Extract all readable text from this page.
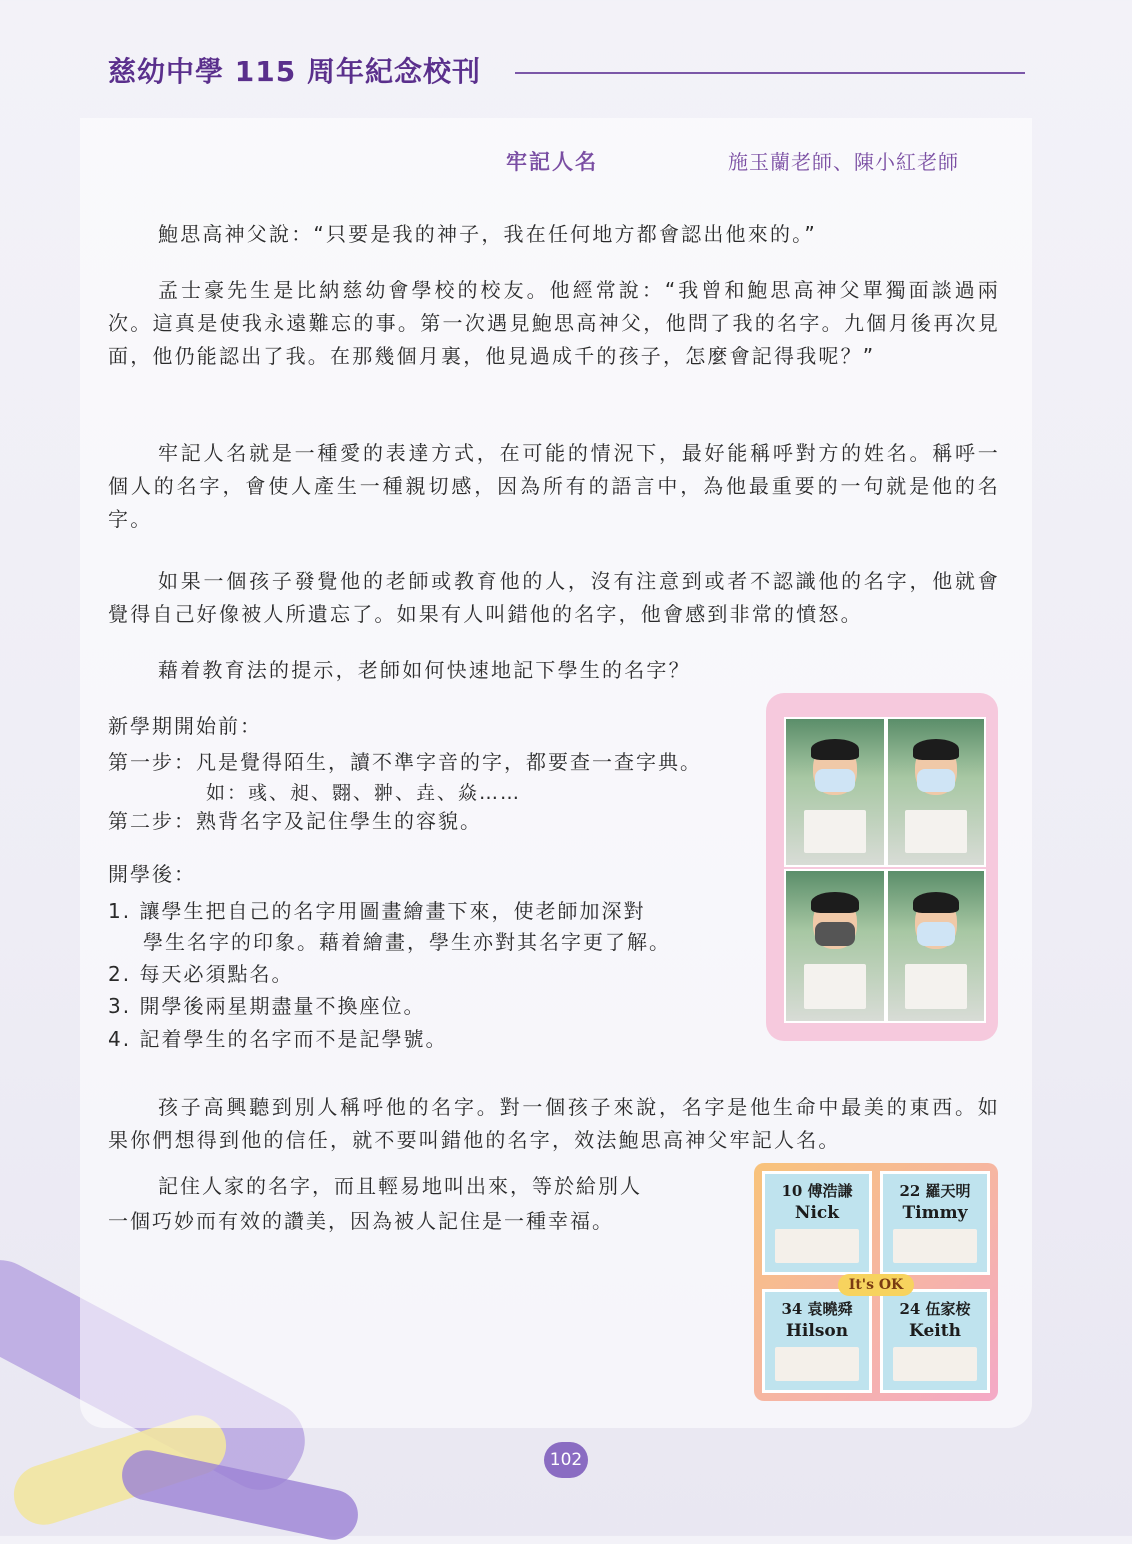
慈幼中學 115 周年紀念校刊
牢記人名	施玉蘭老師、陳小紅老師

鮑思高神父說：“只要是我的神子，我在任何地方都會認出他來的。”

孟士豪先生是比納慈幼會學校的校友。他經常說：“我曾和鮑思高神父單獨面談過兩次。這真是使我永遠難忘的事。第一次遇見鮑思高神父，他問了我的名字。九個月後再次見面，他仍能認出了我。在那幾個月裏，他見過成千的孩子，怎麼會記得我呢？”

牢記人名就是一種愛的表達方式，在可能的情況下，最好能稱呼對方的姓名。稱呼一個人的名字，會使人產生一種親切感，因為所有的語言中，為他最重要的一句就是他的名字。

如果一個孩子發覺他的老師或教育他的人，沒有注意到或者不認識他的名字，他就會覺得自己好像被人所遺忘了。如果有人叫錯他的名字，他會感到非常的憤怒。

藉着教育法的提示，老師如何快速地記下學生的名字？

新學期開始前：

第一步：凡是覺得陌生，讀不準字音的字，都要查一查字典。

如：彧、昶、翾、翀、垚、焱……

第二步：熟背名字及記住學生的容貌。

開學後：

1. 讓學生把自己的名字用圖畫繪畫下來，使老師加深對

學生名字的印象。藉着繪畫，學生亦對其名字更了解。

2. 每天必須點名。

3. 開學後兩星期盡量不換座位。

4. 記着學生的名字而不是記學號。

孩子高興聽到別人稱呼他的名字。對一個孩子來說，名字是他生命中最美的東西。如果你們想得到他的信任，就不要叫錯他的名字，效法鮑思高神父牢記人名。

記住人家的名字，而且輕易地叫出來，等於給別人

一個巧妙而有效的讚美，因為被人記住是一種幸福。

10 傅浩謙
Nick
22 羅天明
Timmy
34 袁曉舜
Hilson
24 伍家桉
Keith
It's OK
102
